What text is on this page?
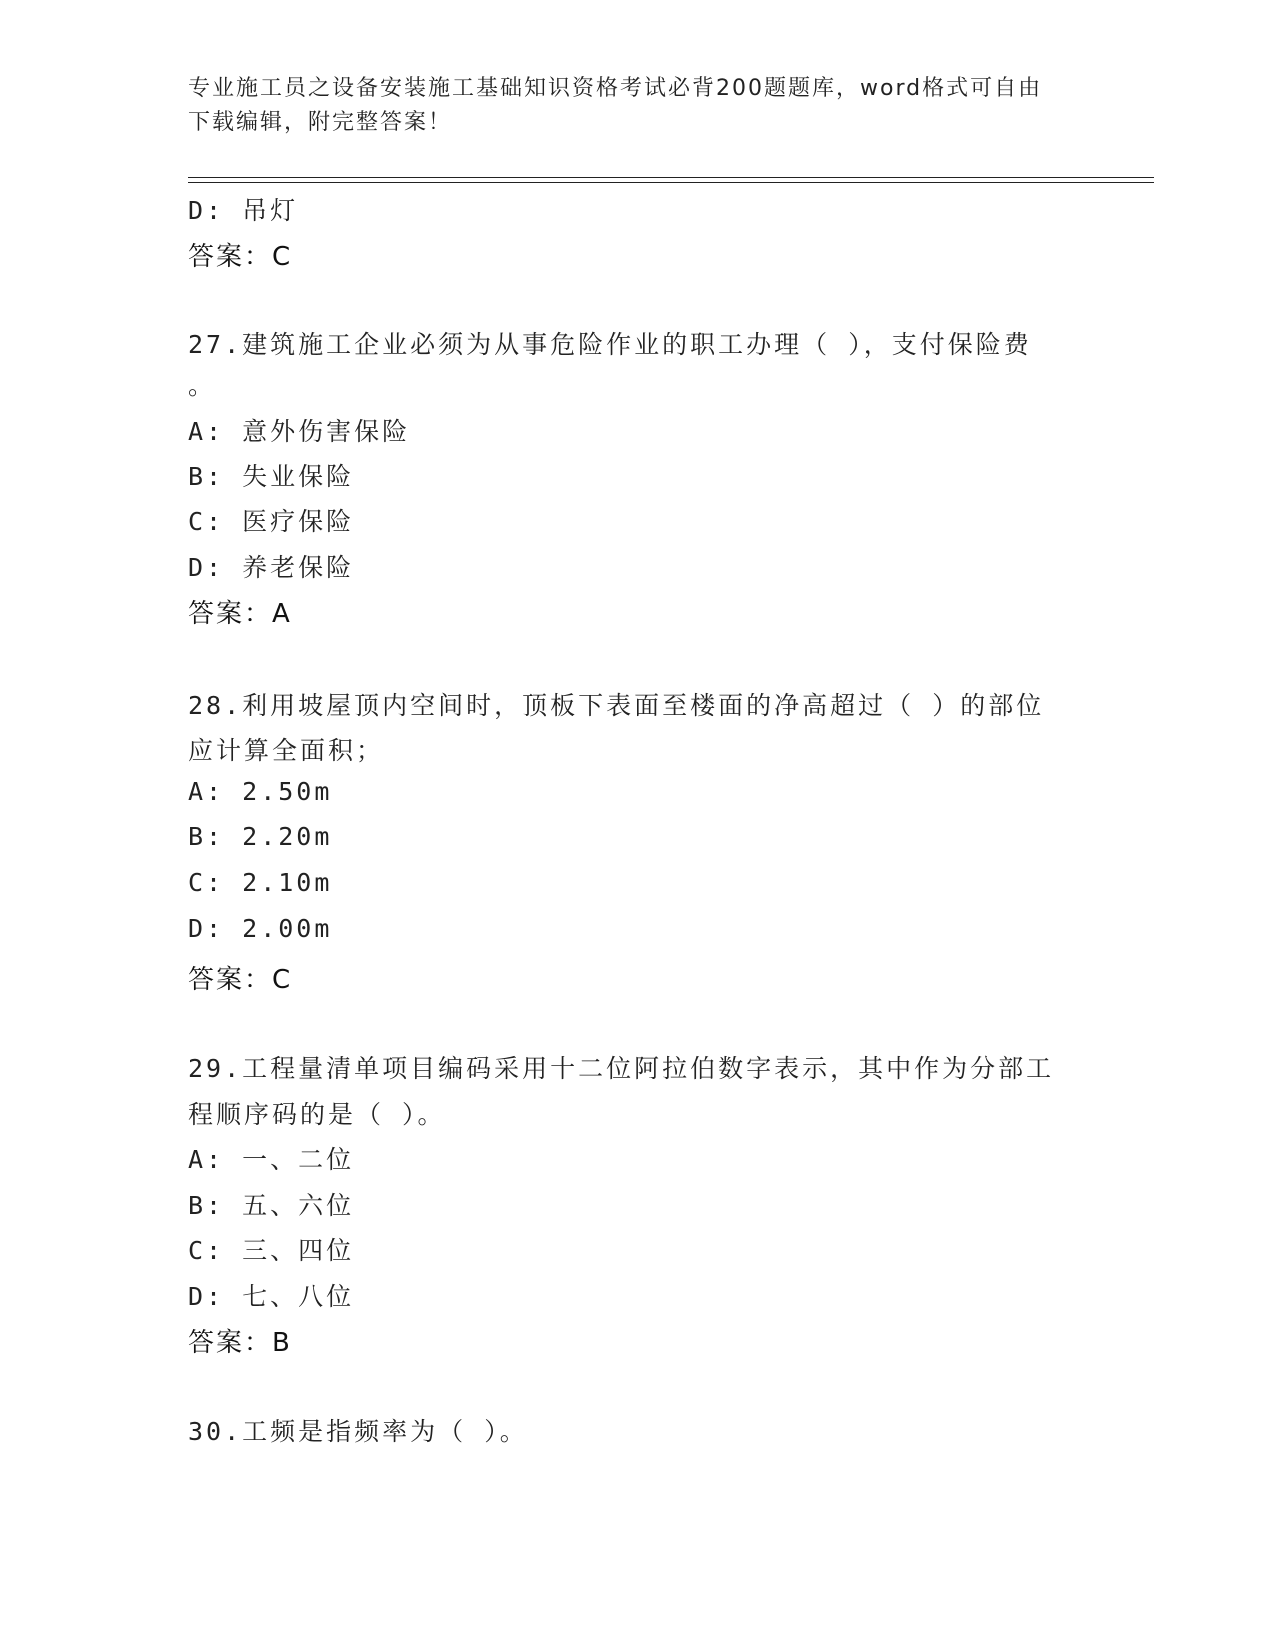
专业施工员之设备安装施工基础知识资格考试必背200题题库，word格式可自由
下载编辑，附完整答案！
D: 吊灯
答案：C
27.建筑施工企业必须为从事危险作业的职工办理（ ），支付保险费
。
A: 意外伤害保险
B: 失业保险
C: 医疗保险
D: 养老保险
答案：A
28.利用坡屋顶内空间时，顶板下表面至楼面的净高超过（ ）的部位
应计算全面积；
A: 2.50m
B: 2.20m
C: 2.10m
D: 2.00m
答案：C
29.工程量清单项目编码采用十二位阿拉伯数字表示，其中作为分部工
程顺序码的是（ ）。
A: 一、二位
B: 五、六位
C: 三、四位
D: 七、八位
答案：B
30.工频是指频率为（ ）。
